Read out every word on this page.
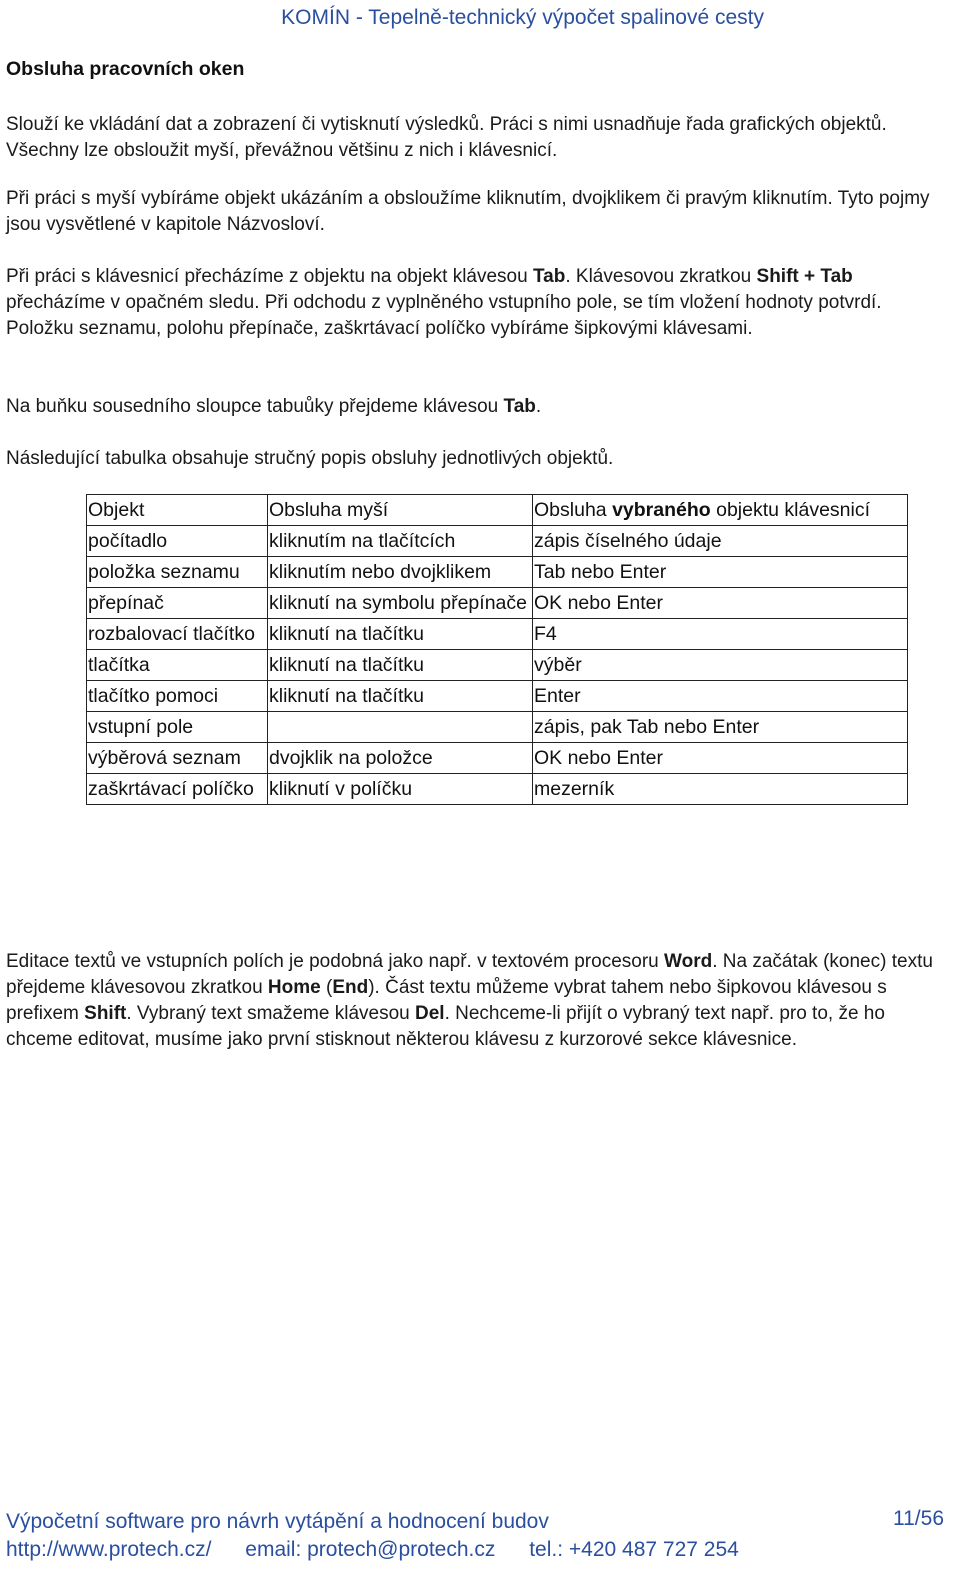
KOMÍN - Tepelně-technický výpočet spalinové cesty
Obsluha pracovních oken
Slouží ke vkládání dat a zobrazení či vytisknutí výsledků. Práci s nimi usnadňuje řada grafických objektů. Všechny lze obsloužit myší, převážnou většinu z nich i klávesnicí.
Při práci s myší vybíráme objekt ukázáním a obsloužíme kliknutím, dvojklikem či pravým kliknutím. Tyto pojmy jsou vysvětlené v kapitole Názvosloví.
Při práci s klávesnicí přecházíme z objektu na objekt klávesou Tab. Klávesovou zkratkou Shift + Tab přecházíme v opačném sledu. Při odchodu z vyplněného vstupního pole, se tím vložení hodnoty potvrdí. Položku seznamu, polohu přepínače, zaškrtávací políčko vybíráme šipkovými klávesami.
Na buňku sousedního sloupce tabuůky přejdeme klávesou Tab.
Následující tabulka obsahuje stručný popis obsluhy jednotlivých objektů.
Objekt	Obsluha myší	Obsluha vybraného objektu klávesnicí
počítadlo	kliknutím na tlačítcích	zápis číselného údaje
položka seznamu	kliknutím nebo dvojklikem	Tab nebo Enter
přepínač	kliknutí na symbolu přepínače	OK nebo Enter
rozbalovací tlačítko	kliknutí na tlačítku	F4
tlačítka	kliknutí na tlačítku	výběr
tlačítko pomoci	kliknutí na tlačítku	Enter
vstupní pole		zápis, pak Tab nebo Enter
výběrová seznam	dvojklik na položce	OK nebo Enter
zaškrtávací políčko	kliknutí v políčku	mezerník
Editace textů ve vstupních polích je podobná jako např. v textovém procesoru Word. Na začátak (konec) textu přejdeme klávesovou zkratkou Home (End). Část textu můžeme vybrat tahem nebo šipkovou klávesou s prefixem Shift. Vybraný text smažeme klávesou Del. Nechceme-li přijít o vybraný text např. pro to, že ho chceme editovat, musíme jako první stisknout některou klávesu z kurzorové sekce klávesnice.
Výpočetní software pro návrh vytápění a hodnocení budov	11/56
http://www.protech.cz/ email: protech@protech.cz tel.: +420 487 727 254
